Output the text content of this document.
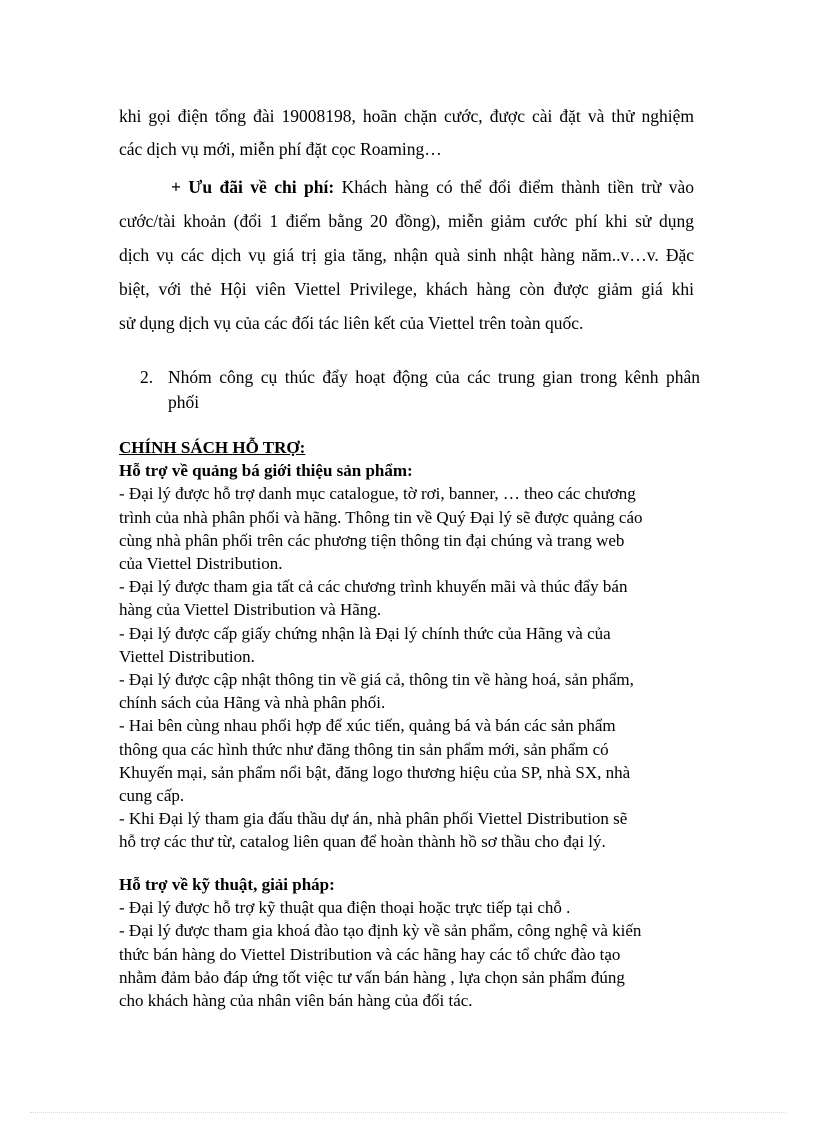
khi gọi điện tổng đài 19008198, hoãn chặn cước, được cài đặt và thử nghiệm
các dịch vụ mới, miễn phí đặt cọc Roaming…
+ Ưu đãi về chi phí: Khách hàng có thể đổi điểm thành tiền trừ vào
cước/tài khoản (đổi 1 điểm bằng 20 đồng), miễn giảm cước phí khi sử dụng
dịch vụ các dịch vụ giá trị gia tăng, nhận quà sinh nhật hàng năm..v…v. Đặc
biệt, với thẻ Hội viên Viettel Privilege, khách hàng còn được giảm giá khi
sử dụng dịch vụ của các đối tác liên kết của Viettel trên toàn quốc.
2. Nhóm công cụ thúc đẩy hoạt động của các trung gian trong kênh phân
phối
CHÍNH SÁCH HỖ TRỢ:
Hỗ trợ về quảng bá giới thiệu sản phẩm:
- Đại lý được hỗ trợ danh mục catalogue, tờ rơi, banner, … theo các chương
trình của nhà phân phối và hãng. Thông tin về Quý Đại lý sẽ được quảng cáo
cùng nhà phân phối trên các phương tiện thông tin đại chúng và trang web
của Viettel Distribution.
- Đại lý được tham gia tất cả các chương trình khuyến mãi và thúc đẩy bán
hàng của Viettel Distribution và Hãng.
- Đại lý được cấp giấy chứng nhận là Đại lý chính thức của Hãng và của
Viettel Distribution.
- Đại lý được cập nhật thông tin về giá cả, thông tin về hàng hoá, sản phẩm,
chính sách của Hãng và nhà phân phối.
- Hai bên cùng nhau phối hợp để xúc tiến, quảng bá và bán các sản phẩm
thông qua các hình thức như đăng thông tin sản phẩm mới, sản phẩm có
Khuyến mại, sản phẩm nổi bật, đăng logo thương hiệu của SP, nhà SX, nhà
cung cấp.
- Khi Đại lý tham gia đấu thầu dự án, nhà phân phối Viettel Distribution sẽ
hỗ trợ các thư từ, catalog liên quan để hoàn thành hồ sơ thầu cho đại lý.
Hỗ trợ về kỹ thuật, giải pháp:
- Đại lý được hỗ trợ kỹ thuật qua điện thoại hoặc trực tiếp tại chỗ .
- Đại lý được tham gia khoá đào tạo định kỳ về sản phẩm, công nghệ và kiến
thức bán hàng do Viettel Distribution và các hãng hay các tổ chức đào tạo
nhằm đảm bảo đáp ứng tốt việc tư vấn bán hàng , lựa chọn sản phẩm đúng
cho khách hàng của nhân viên bán hàng của đối tác.
